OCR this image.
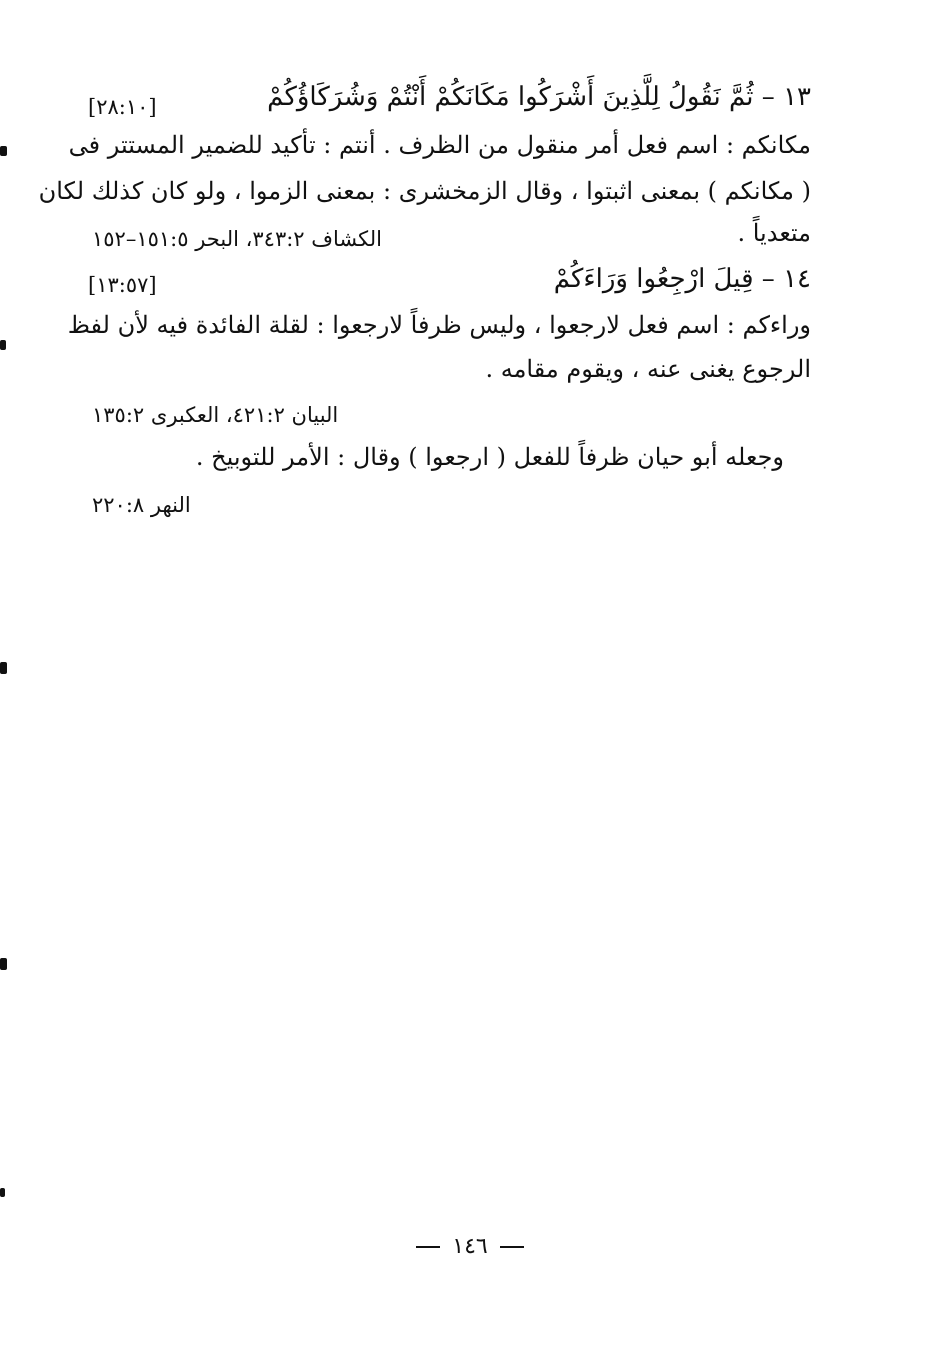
١٣ – ثُمَّ نَقُولُ لِلَّذِينَ أَشْرَكُوا مَكَانَكُمْ أَنْتُمْ وَشُرَكَاؤُكُمْ
[٢٨:١٠]
مكانكم : اسم فعل أمر منقول من الظرف . أنتم : تأكيد للضمير المستتر فى
( مكانكم ) بمعنى اثبتوا ، وقال الزمخشرى : بمعنى الزموا ، ولو كان كذلك لكان
متعدياً .
الكشاف ٣٤٣:٢، البحر ١٥١:٥–١٥٢
١٤ – قِيلَ ارْجِعُوا وَرَاءَكُمْ
[١٣:٥٧]
وراءكم : اسم فعل لارجعوا ، وليس ظرفاً لارجعوا : لقلة الفائدة فيه لأن لفظ
الرجوع يغنى عنه ، ويقوم مقامه .
البيان ٤٢١:٢، العكبرى ١٣٥:٢
وجعله أبو حيان ظرفاً للفعل ( ارجعوا ) وقال : الأمر للتوبيخ .
النهر ٢٢٠:٨
١٤٦
